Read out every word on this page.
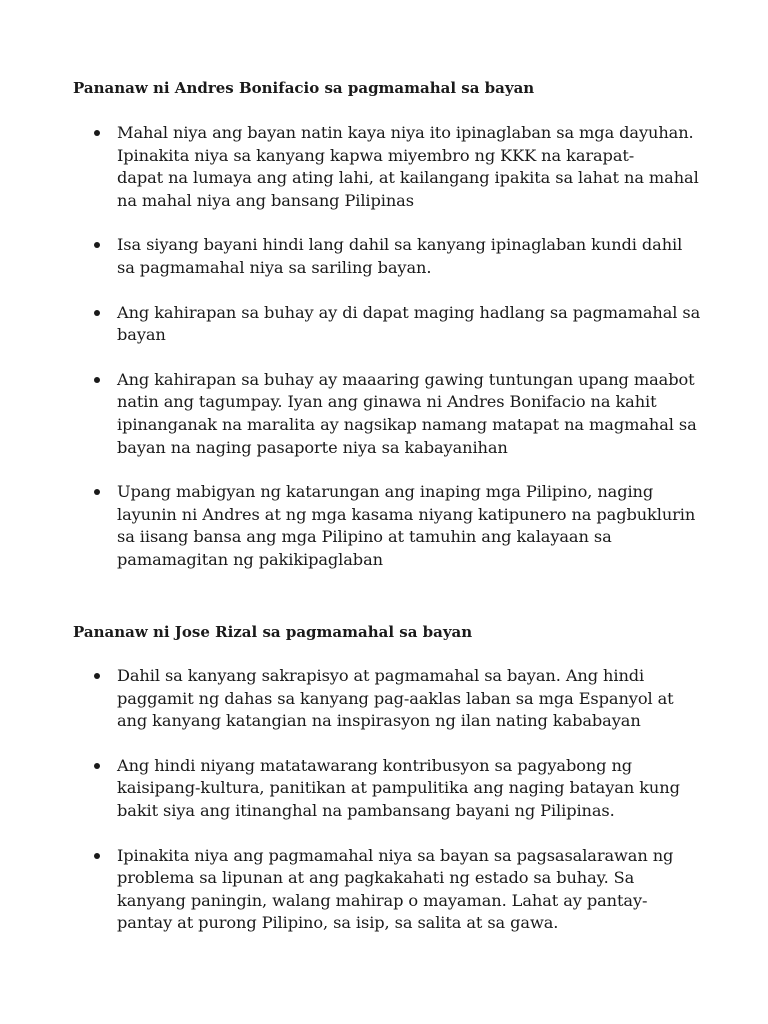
Pananaw ni Andres Bonifacio sa pagmamahal sa bayan
Mahal niya ang bayan natin kaya niya ito ipinaglaban sa mga dayuhan.
Ipinakita niya sa kanyang kapwa miyembro ng KKK na karapat-
dapat na lumaya ang ating lahi, at kailangang ipakita sa lahat na mahal
na mahal niya ang bansang Pilipinas
Isa siyang bayani hindi lang dahil sa kanyang ipinaglaban kundi dahil
sa pagmamahal niya sa sariling bayan.
Ang kahirapan sa buhay ay di dapat maging hadlang sa pagmamahal sa
bayan
Ang kahirapan sa buhay ay maaaring gawing tuntungan upang maabot
natin ang tagumpay. Iyan ang ginawa ni Andres Bonifacio na kahit
ipinanganak na maralita ay nagsikap namang matapat na magmahal sa
bayan na naging pasaporte niya sa kabayanihan
Upang mabigyan ng katarungan ang inaping mga Pilipino, naging
layunin ni Andres at ng mga kasama niyang katipunero na pagbuklurin
sa iisang bansa ang mga Pilipino at tamuhin ang kalayaan sa
pamamagitan ng pakikipaglaban
Pananaw ni Jose Rizal sa pagmamahal sa bayan
Dahil sa kanyang sakrapisyo at pagmamahal sa bayan. Ang hindi
paggamit ng dahas sa kanyang pag-aaklas laban sa mga Espanyol at
ang kanyang katangian na inspirasyon ng ilan nating kababayan
Ang hindi niyang matatawarang kontribusyon sa pagyabong ng
kaisipang-kultura, panitikan at pampulitika ang naging batayan kung
bakit siya ang itinanghal na pambansang bayani ng Pilipinas.
Ipinakita niya ang pagmamahal niya sa bayan sa pagsasalarawan ng
problema sa lipunan at ang pagkakahati ng estado sa buhay. Sa
kanyang paningin, walang mahirap o mayaman. Lahat ay pantay-
pantay at purong Pilipino, sa isip, sa salita at sa gawa.
